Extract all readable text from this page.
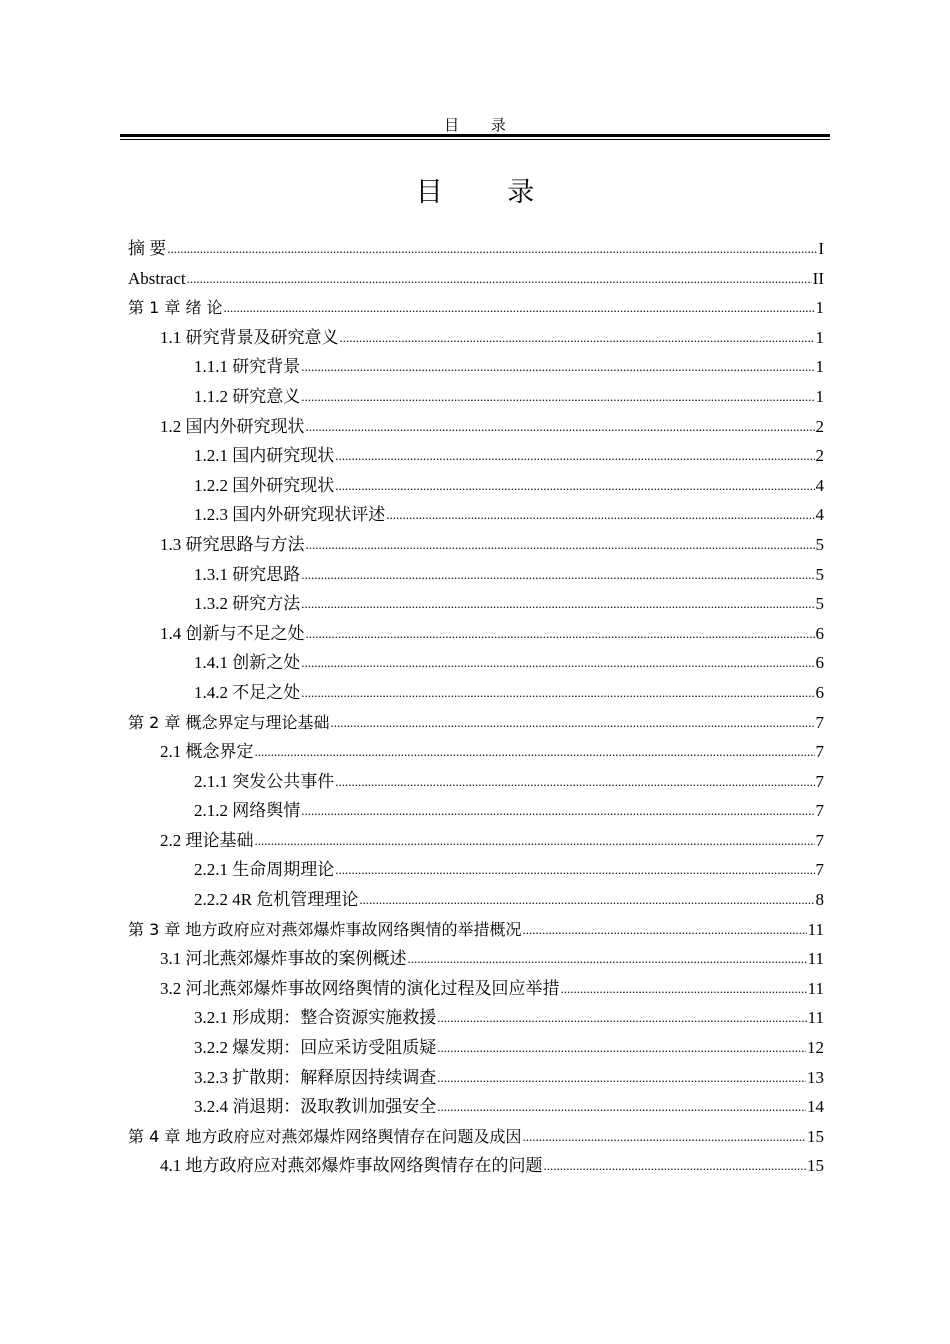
目 录
目 录
摘 要 .....	I
Abstract .....	II
第 1 章 绪 论 .....	1
1.1 研究背景及研究意义 .....	1
1.1.1 研究背景 .....	1
1.1.2 研究意义 .....	1
1.2 国内外研究现状 .....	2
1.2.1 国内研究现状 .....	2
1.2.2 国外研究现状 .....	4
1.2.3 国内外研究现状评述 .....	4
1.3 研究思路与方法 .....	5
1.3.1 研究思路 .....	5
1.3.2 研究方法 .....	5
1.4 创新与不足之处 .....	6
1.4.1 创新之处 .....	6
1.4.2 不足之处 .....	6
第 2 章 概念界定与理论基础 .....	7
2.1 概念界定 .....	7
2.1.1 突发公共事件 .....	7
2.1.2 网络舆情 .....	7
2.2 理论基础 .....	7
2.2.1 生命周期理论 .....	7
2.2.2 4R 危机管理理论 .....	8
第 3 章 地方政府应对燕郊爆炸事故网络舆情的举措概况 .....	11
3.1 河北燕郊爆炸事故的案例概述 .....	11
3.2 河北燕郊爆炸事故网络舆情的演化过程及回应举措 .....	11
3.2.1 形成期：整合资源实施救援 .....	11
3.2.2 爆发期：回应采访受阻质疑 .....	12
3.2.3 扩散期：解释原因持续调查 .....	13
3.2.4 消退期：汲取教训加强安全 .....	14
第 4 章 地方政府应对燕郊爆炸网络舆情存在问题及成因 .....	15
4.1 地方政府应对燕郊爆炸事故网络舆情存在的问题 .....	15
